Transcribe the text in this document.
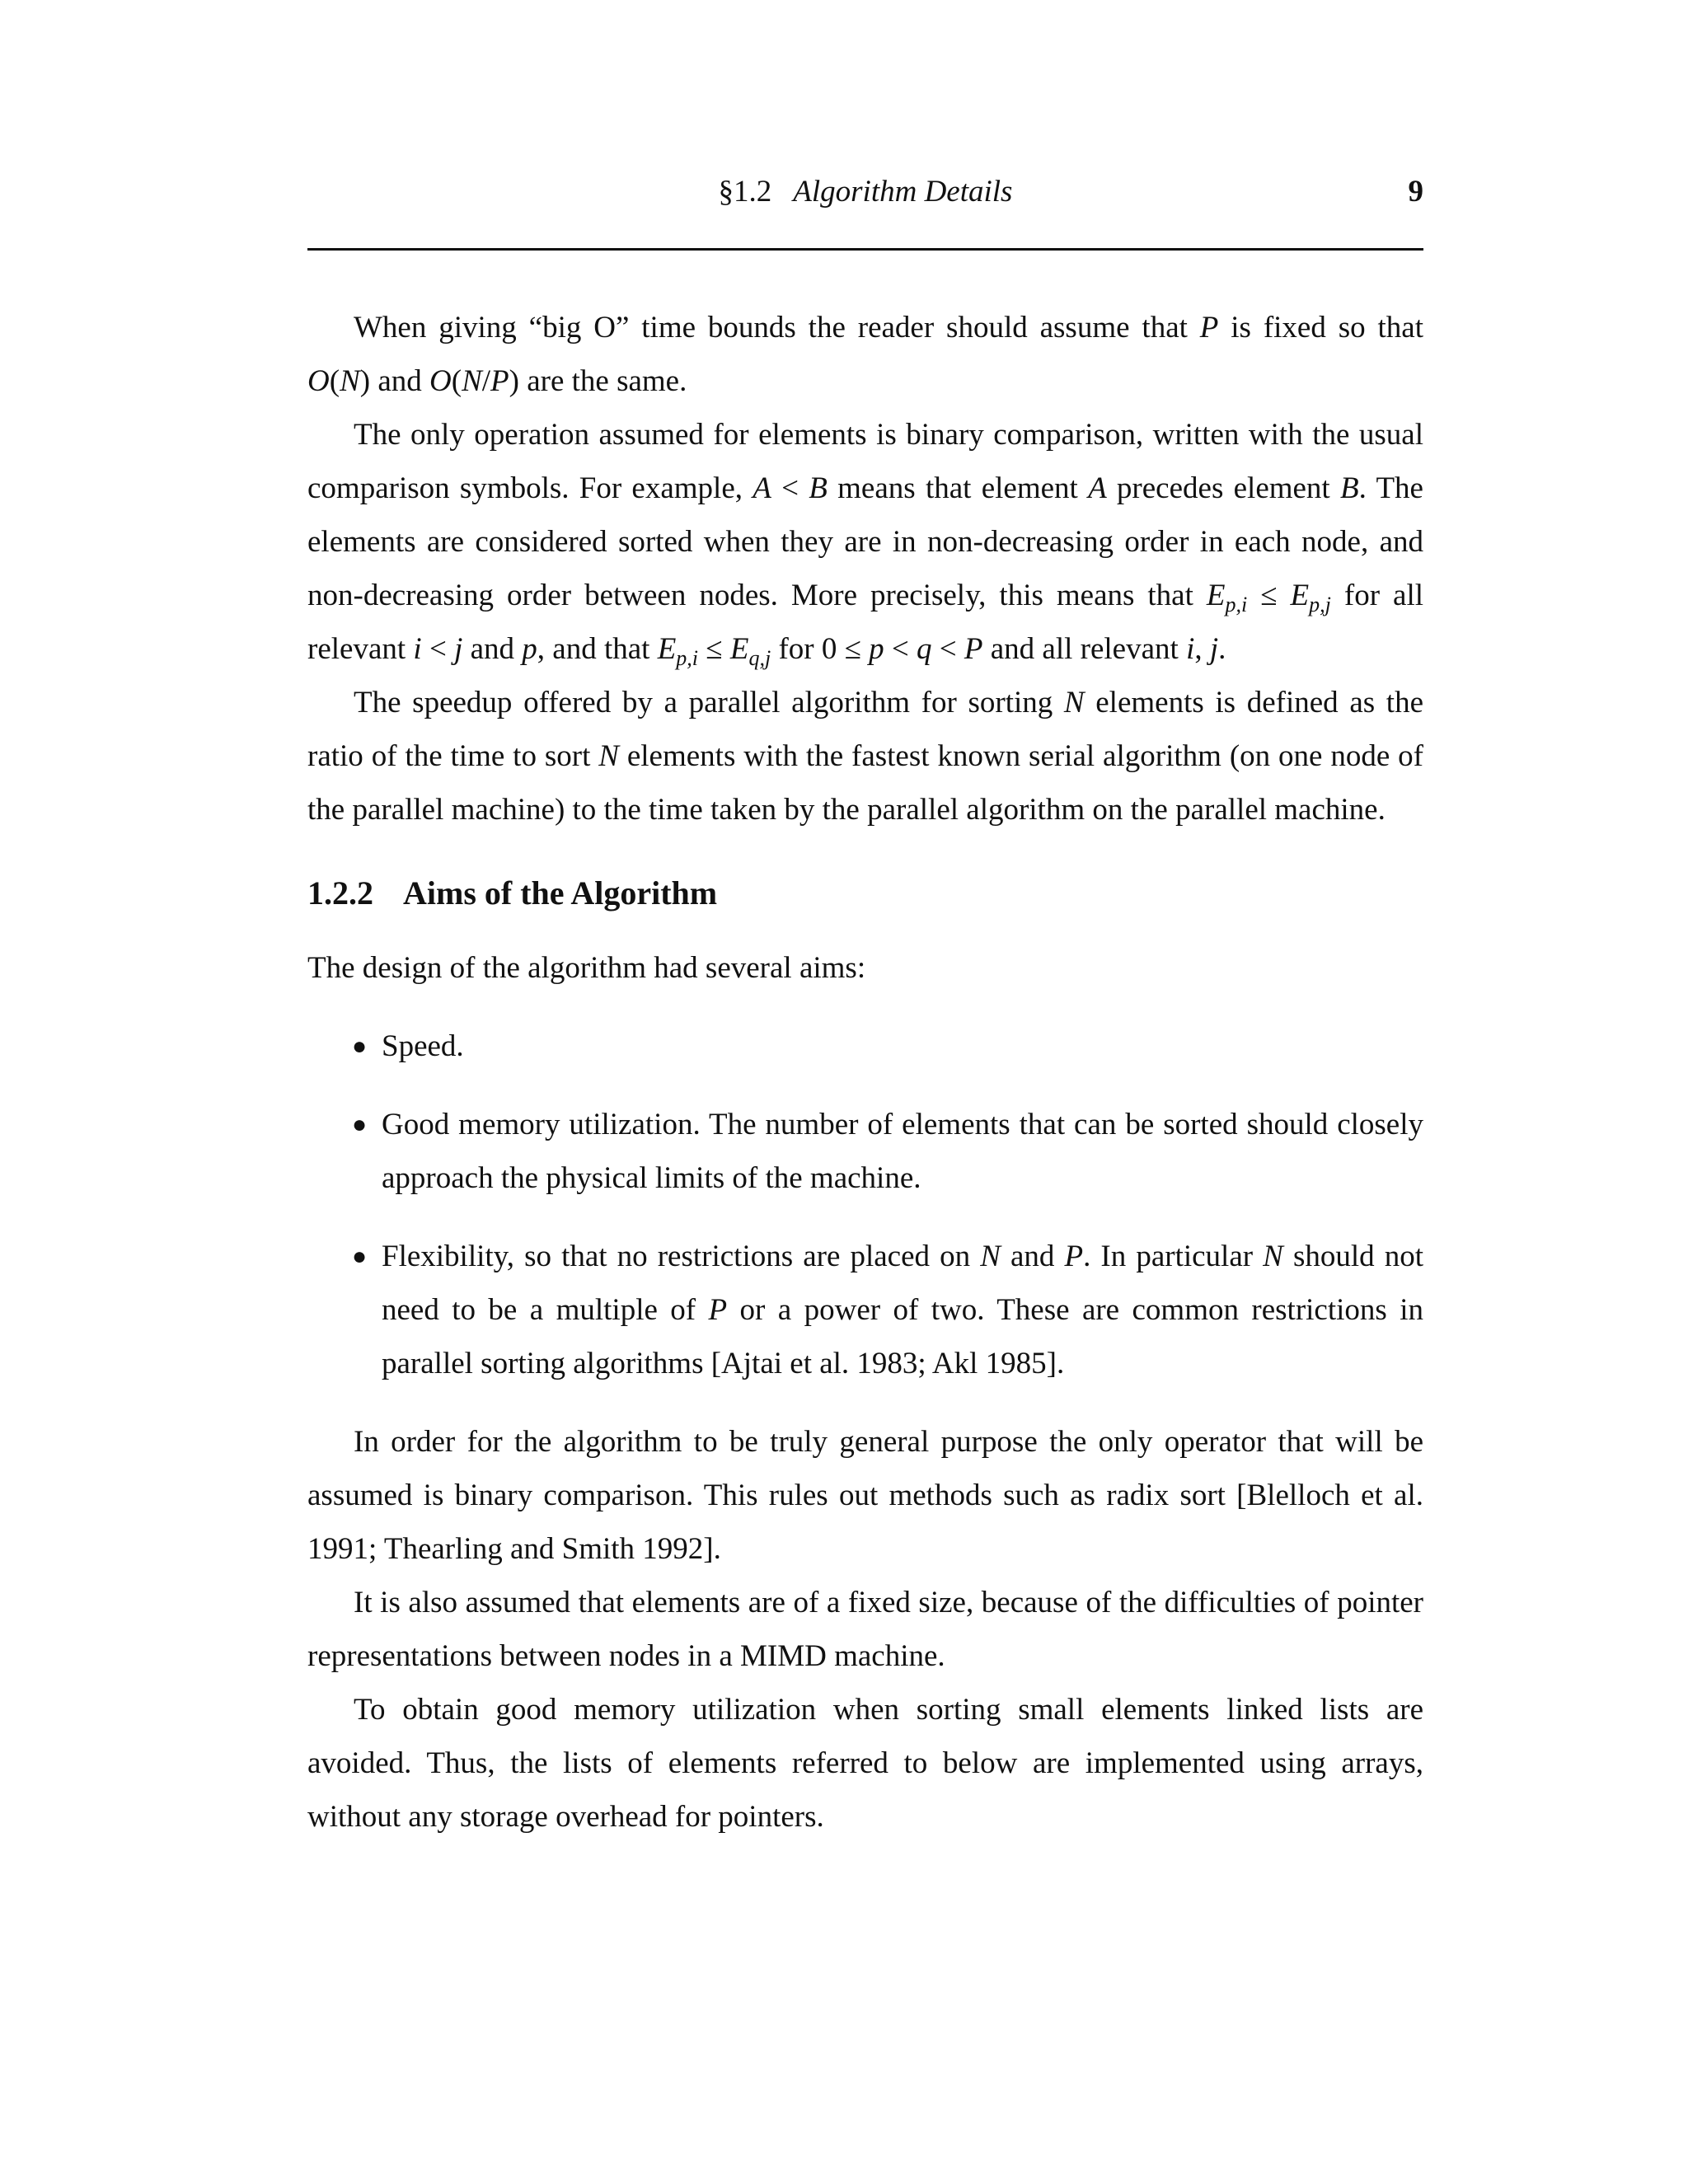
§1.2 Algorithm Details	9

When giving “big O” time bounds the reader should assume that P is fixed so that O(N) and O(N/P) are the same.

The only operation assumed for elements is binary comparison, written with the usual comparison symbols. For example, A < B means that element A precedes element B. The elements are considered sorted when they are in non-decreasing order in each node, and non-decreasing order between nodes. More precisely, this means that $E_{p,i} \le E_{p,j}$ for all relevant i < j and p, and that $E_{p,i} \le E_{q,j}$ for 0 ≤ p < q < P and all relevant i, j.

The speedup offered by a parallel algorithm for sorting N elements is defined as the ratio of the time to sort N elements with the fastest known serial algorithm (on one node of the parallel machine) to the time taken by the parallel algorithm on the parallel machine.

1.2.2 Aims of the Algorithm

The design of the algorithm had several aims:

● Speed.
● Good memory utilization. The number of elements that can be sorted should closely approach the physical limits of the machine.
● Flexibility, so that no restrictions are placed on N and P. In particular N should not need to be a multiple of P or a power of two. These are common restrictions in parallel sorting algorithms [Ajtai et al. 1983; Akl 1985].

In order for the algorithm to be truly general purpose the only operator that will be assumed is binary comparison. This rules out methods such as radix sort [Blelloch et al. 1991; Thearling and Smith 1992].

It is also assumed that elements are of a fixed size, because of the difficulties of pointer representations between nodes in a MIMD machine.

To obtain good memory utilization when sorting small elements linked lists are avoided. Thus, the lists of elements referred to below are implemented using arrays, without any storage overhead for pointers.
